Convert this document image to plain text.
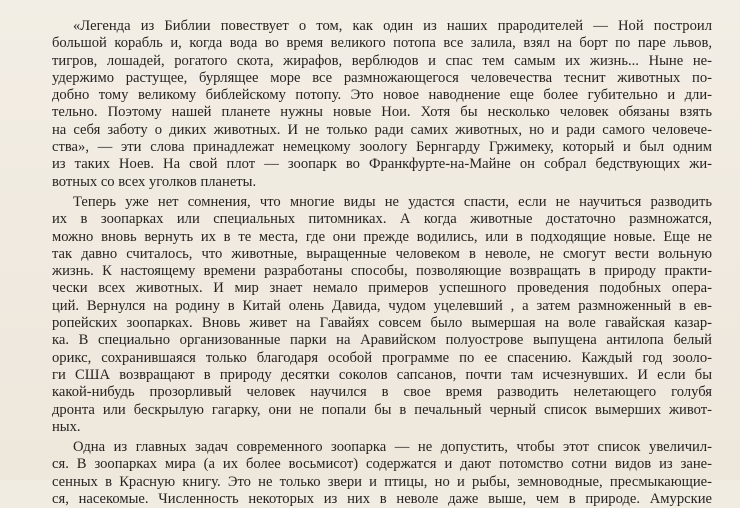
«Легенда из Библии повествует о том, как один из наших прародителей — Ной построил
большой корабль и, когда вода во время великого потопа все залила, взял на борт по паре львов,
тигров, лошадей, рогатого скота, жирафов, верблюдов и спас тем самым их жизнь... Ныне не-
удержимо растущее, бурлящее море все размножающегося человечества теснит животных по-
добно тому великому библейскому потопу. Это новое наводнение еще более губительно и дли-
тельно. Поэтому нашей планете нужны новые Нои. Хотя бы несколько человек обязаны взять
на себя заботу о диких животных. И не только ради самих животных, но и ради самого человече-
ства», — эти слова принадлежат немецкому зоологу Бернгарду Гржимеку, который и был одним
из таких Ноев. На свой плот — зоопарк во Франкфурте-на-Майне он собрал бедствующих жи-
вотных со всех уголков планеты.

Теперь уже нет сомнения, что многие виды не удастся спасти, если не научиться разводить
их в зоопарках или специальных питомниках. А когда животные достаточно размножатся,
можно вновь вернуть их в те места, где они прежде водились, или в подходящие новые. Еще не
так давно считалось, что животные, выращенные человеком в неволе, не смогут вести вольную
жизнь. К настоящему времени разработаны способы, позволяющие возвращать в природу практи-
чески всех животных. И мир знает немало примеров успешного проведения подобных опера-
ций. Вернулся на родину в Китай олень Давида, чудом уцелевший , а затем размноженный в ев-
ропейских зоопарках. Вновь живет на Гавайях совсем было вымершая на воле гавайская казар-
ка. В специально организованные парки на Аравийском полуострове выпущена антилопа белый
орикс, сохранившаяся только благодаря особой программе по ее спасению. Каждый год зооло-
ги США возвращают в природу десятки соколов сапсанов, почти там исчезнувших. И если бы
какой-нибудь прозорливый человек научился в свое время разводить нелетающего голубя
дронта или бескрылую гагарку, они не попали бы в печальный черный список вымерших живот-
ных.

Одна из главных задач современного зоопарка — не допустить, чтобы этот список увеличил-
ся. В зоопарках мира (а их более восьмисот) содержатся и дают потомство сотни видов из зане-
сенных в Красную книгу. Это не только звери и птицы, но и рыбы, земноводные, пресмыкающие-
ся, насекомые. Численность некоторых из них в неволе даже выше, чем в природе. Амурские
